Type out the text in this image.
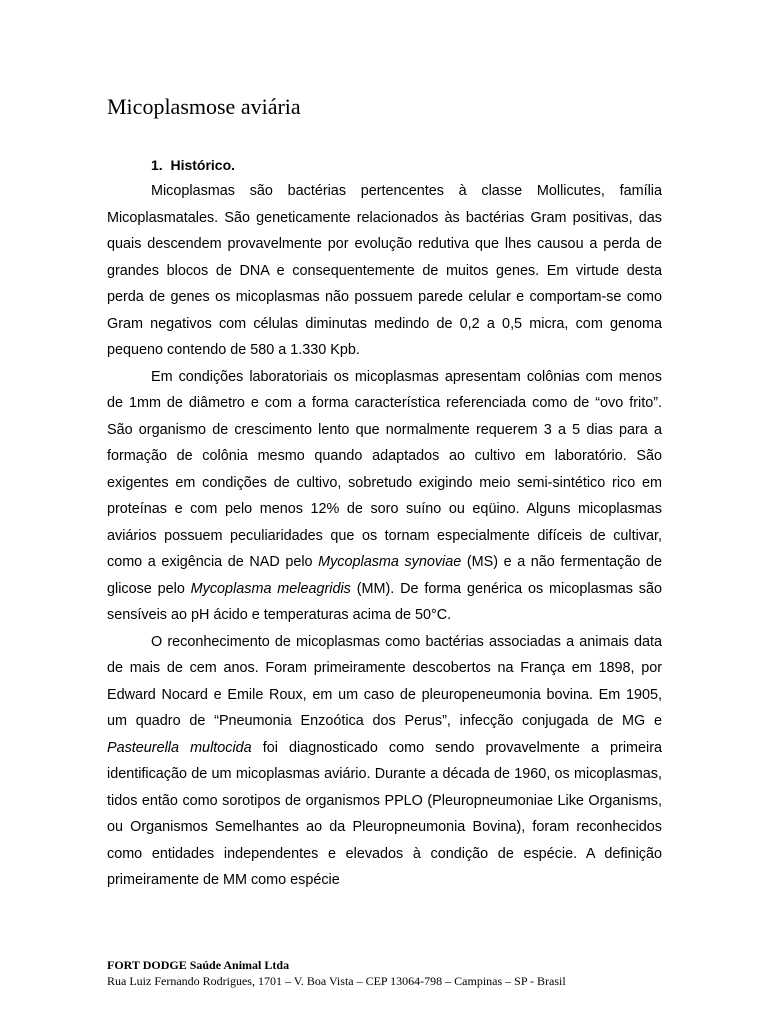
Micoplasmose aviária
1. Histórico.

Micoplasmas são bactérias pertencentes à classe Mollicutes, família Micoplasmatales. São geneticamente relacionados às bactérias Gram positivas, das quais descendem provavelmente por evolução redutiva que lhes causou a perda de grandes blocos de DNA e consequentemente de muitos genes. Em virtude desta perda de genes os micoplasmas não possuem parede celular e comportam-se como Gram negativos com células diminutas medindo de 0,2 a 0,5 micra, com genoma pequeno contendo de 580 a 1.330 Kpb.

Em condições laboratoriais os micoplasmas apresentam colônias com menos de 1mm de diâmetro e com a forma característica referenciada como de “ovo frito”. São organismo de crescimento lento que normalmente requerem 3 a 5 dias para a formação de colônia mesmo quando adaptados ao cultivo em laboratório. São exigentes em condições de cultivo, sobretudo exigindo meio semi-sintético rico em proteínas e com pelo menos 12% de soro suíno ou eqüino. Alguns micoplasmas aviários possuem peculiaridades que os tornam especialmente difíceis de cultivar, como a exigência de NAD pelo Mycoplasma synoviae (MS) e a não fermentação de glicose pelo Mycoplasma meleagridis (MM). De forma genérica os micoplasmas são sensíveis ao pH ácido e temperaturas acima de 50°C.

O reconhecimento de micoplasmas como bactérias associadas a animais data de mais de cem anos. Foram primeiramente descobertos na França em 1898, por Edward Nocard e Emile Roux, em um caso de pleuropeneumonia bovina. Em 1905, um quadro de “Pneumonia Enzoótica dos Perus”, infecção conjugada de MG e Pasteurella multocida foi diagnosticado como sendo provavelmente a primeira identificação de um micoplasmas aviário. Durante a década de 1960, os micoplasmas, tidos então como sorotipos de organismos PPLO (Pleuropneumoniae Like Organisms, ou Organismos Semelhantes ao da Pleuropneumonia Bovina), foram reconhecidos como entidades independentes e elevados à condição de espécie. A definição primeiramente de MM como espécie

FORT DODGE Saúde Animal Ltda
Rua Luiz Fernando Rodrigues, 1701 – V. Boa Vista – CEP 13064-798 – Campinas – SP - Brasil
